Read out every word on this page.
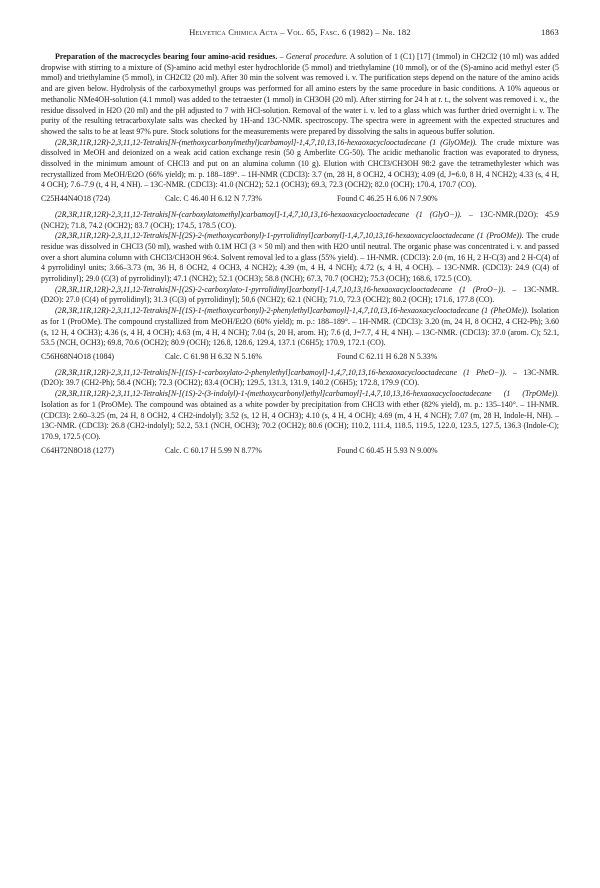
Helvetica Chimica Acta – Vol. 65, Fasc. 6 (1982) – Nr. 182	1863

Preparation of the macrocycles bearing four amino-acid residues. – General procedure. A solution of 1 (C1) [17] (1mmol) in CH2Cl2 (10 ml) was added dropwise with stirring to a mixture of (S)-amino acid methyl ester hydrochloride (5 mmol) and triethylamine (10 mmol), or of the (S)-amino acid methyl ester (5 mmol) and triethylamine (5 mmol), in CH2Cl2 (20 ml). After 30 min the solvent was removed i. v. The purification steps depend on the nature of the amino acids and are given below. Hydrolysis of the carboxymethyl groups was performed for all amino esters by the same procedure in basic conditions. A 10% aqueous or methanolic NMe4OH-solution (4.1 mmol) was added to the tetraester (1 mmol) in CH3OH (20 ml). After stirring for 24 h at r. t., the solvent was removed i. v., the residue dissolved in H2O (20 ml) and the pH adjusted to 7 with HCl-solution. Removal of the water i. v. led to a glass which was further dried overnight i. v. The purity of the resulting tetracarboxylate salts was checked by 1H-and 13C-NMR. spectroscopy. The spectra were in agreement with the expected structures and showed the salts to be at least 97% pure. Stock solutions for the measurements were prepared by dissolving the salts in aqueous buffer solution.

(2R,3R,11R,12R)-2,3,11,12-Tetrakis[N-(methoxycarbonylmethyl)carbamoyl]-1,4,7,10,13,16-hexaoxacyclooctadecane (1 (GlyOMe)). The crude mixture was dissolved in MeOH and deionized on a weak acid cation exchange resin (50 g Amberlite CG-50). The acidic methanolic fraction was evaporated to dryness, dissolved in the minimum amount of CHCl3 and put on an alumina column (10 g). Elution with CHCl3/CH3OH 98:2 gave the tetramethylester which was recrystallized from MeOH/Et2O (66% yield); m. p. 188–189°. – 1H-NMR (CDCl3): 3.7 (m, 28 H, 8 OCH2, 4 OCH3); 4.09 (d, J=6.0, 8 H, 4 NCH2); 4.33 (s, 4 H, 4 OCH); 7.6–7.9 (t, 4 H, 4 NH). – 13C-NMR. (CDCl3): 41.0 (NCH2); 52.1 (OCH3); 69.3, 72.3 (OCH2); 82.0 (OCH); 170.4, 170.7 (CO).

C25H44N4O18 (724)	Calc. C 46.40 H 6.12 N 7.73%	Found C 46.25 H 6.06 N 7.90%

(2R,3R,11R,12R)-2,3,11,12-Tetrakis[N-(carboxylatomethyl)carbamoyl]-1,4,7,10,13,16-hexaoxacyclooctadecane (1 (GlyO−)). – 13C-NMR.(D2O): 45.9 (NCH2); 71.8, 74.2 (OCH2); 83.7 (OCH); 174.5, 178.5 (CO).

(2R,3R,11R,12R)-2,3,11,12-Tetrakis[N-[(2S)-2-(methoxycarbonyl)-1-pyrrolidinyl]carbonyl]-1,4,7,10,13,16-hexaoxacyclooctadecane (1 (ProOMe)). The crude residue was dissolved in CHCl3 (50 ml), washed with 0.1M HCl (3 × 50 ml) and then with H2O until neutral. The organic phase was concentrated i. v. and passed over a short alumina column with CHCl3/CH3OH 96:4. Solvent removal led to a glass (55% yield). – 1H-NMR. (CDCl3): 2.0 (m, 16 H, 2 H-C(3) and 2 H-C(4) of 4 pyrrolidinyl units; 3.66–3.73 (m, 36 H, 8 OCH2, 4 OCH3, 4 NCH2); 4.39 (m, 4 H, 4 NCH); 4.72 (s, 4 H, 4 OCH). – 13C-NMR. (CDCl3): 24.9 (C(4) of pyrrolidinyl); 29.0 (C(3) of pyrrolidinyl); 47.1 (NCH2); 52.1 (OCH3); 58.8 (NCH); 67.3, 70.7 (OCH2); 75.3 (OCH); 168.6, 172.5 (CO).

(2R,3R,11R,12R)-2,3,11,12-Tetrakis[N-[(2S)-2-carboxylato-1-pyrrolidinyl]carbonyl]-1,4,7,10,13,16-hexaoxacyclooctadecane (1 (ProO−)). – 13C-NMR. (D2O): 27.0 (C(4) of pyrrolidinyl); 31.3 (C(3) of pyrrolidinyl); 50,6 (NCH2); 62.1 (NCH); 71.0, 72.3 (OCH2); 80.2 (OCH); 171.6, 177.8 (CO).

(2R,3R,11R,12R)-2,3,11,12-Tetrakis[N-[(1S)-1-(methoxycarbonyl)-2-phenylethyl]carbamoyl]-1,4,7,10,13,16-hexaoxacyclooctadecane (1 (PheOMe)). Isolation as for 1 (ProOMe). The compound crystallized from MeOH/Et2O (60% yield); m. p.: 188–189°. – 1H-NMR. (CDCl3): 3.20 (m, 24 H, 8 OCH2, 4 CH2-Ph); 3.60 (s, 12 H, 4 OCH3); 4.36 (s, 4 H, 4 OCH); 4.63 (m, 4 H, 4 NCH); 7.04 (s, 20 H, arom. H); 7.6 (d, J=7.7, 4 H, 4 NH). – 13C-NMR. (CDCl3): 37.0 (arom. C); 52.1, 53.5 (NCH, OCH3); 69.8, 70.6 (OCH2); 80.9 (OCH); 126.8, 128.6, 129.4, 137.1 (C6H5); 170.9, 172.1 (CO).

C56H68N4O18 (1084)	Calc. C 61.98 H 6.32 N 5.16%	Found C 62.11 H 6.28 N 5.33%

(2R,3R,11R,12R)-2,3,11,12-Tetrakis[N-[(1S)-1-carboxylato-2-phenylethyl]carbamoyl]-1,4,7,10,13,16-hexaoxacyclooctadecane (1 PheO−)). – 13C-NMR. (D2O): 39.7 (CH2-Ph); 58.4 (NCH); 72.3 (OCH2); 83.4 (OCH); 129.5, 131.3, 131.9, 140.2 (C6H5); 172.8, 179.9 (CO).

(2R,3R,11R,12R)-2,3,11,12-Tetrakis[N-[(1S)-2-(3-indolyl)-1-(methoxycarbonyl)ethyl]carbamoyl]-1,4,7,10,13,16-hexaoxacyclooctadecane (1 (TrpOMe)). Isolation as for 1 (ProOMe). The compound was obtained as a white powder by precipitation from CHCl3 with ether (82% yield), m. p.: 135–140°. – 1H-NMR. (CDCl3): 2.60–3.25 (m, 24 H, 8 OCH2, 4 CH2-indolyl); 3.52 (s, 12 H, 4 OCH3); 4.10 (s, 4 H, 4 OCH); 4.69 (m, 4 H, 4 NCH); 7.07 (m, 28 H, Indole-H, NH). – 13C-NMR. (CDCl3): 26.8 (CH2-indolyl); 52.2, 53.1 (NCH, OCH3); 70.2 (OCH2); 80.6 (OCH); 110.2, 111.4, 118.5, 119.5, 122.0, 123.5, 127.5, 136.3 (Indole-C); 170.9, 172.5 (CO).

C64H72N8O18 (1277)	Calc. C 60.17 H 5.99 N 8.77%	Found C 60.45 H 5.93 N 9.00%
